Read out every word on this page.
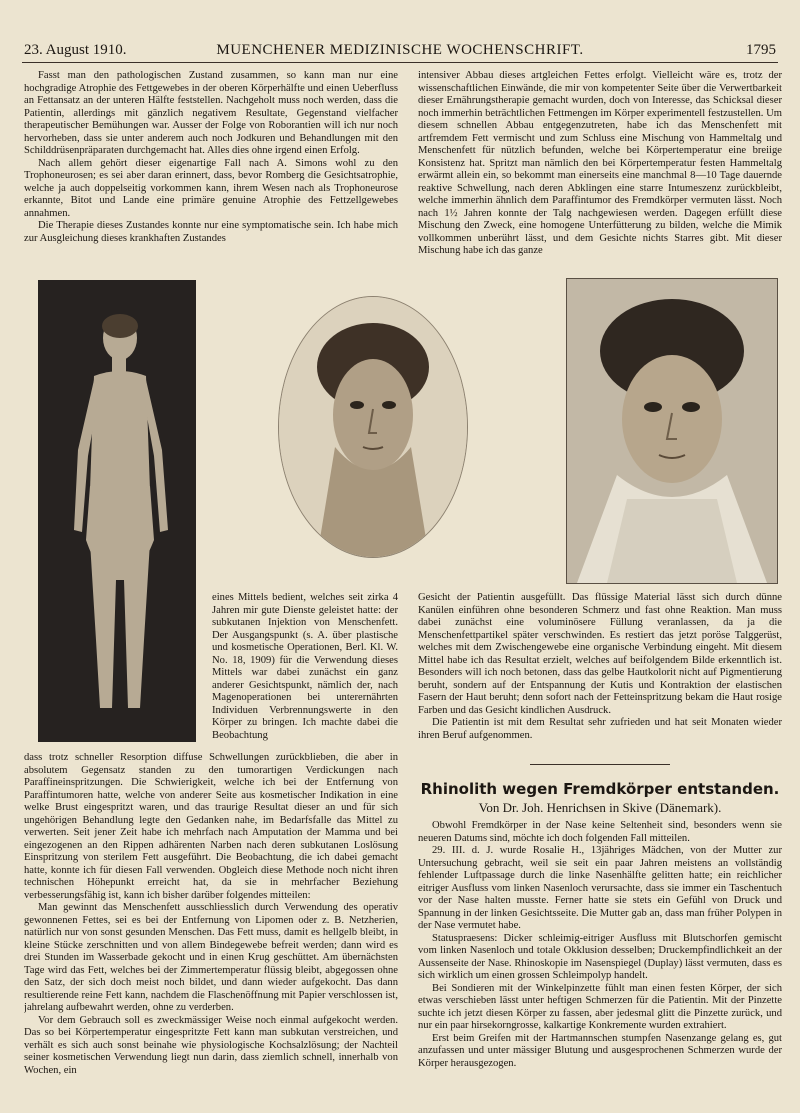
23. August 1910.	MUENCHENER MEDIZINISCHE WOCHENSCHRIFT.	1795

Fasst man den pathologischen Zustand zusammen, so kann man nur eine hochgradige Atrophie des Fettgewebes in der oberen Körperhälfte und einen Ueberfluss an Fettansatz an der unteren Hälfte feststellen. Nachgeholt muss noch werden, dass die Patientin, allerdings mit gänzlich negativem Resultate, Gegenstand vielfacher therapeutischer Bemühungen war. Ausser der Folge von Roborantien will ich nur noch hervorheben, dass sie unter anderem auch noch Jodkuren und Behandlungen mit den Schilddrüsenpräparaten durchgemacht hat. Alles dies ohne irgend einen Erfolg.

Nach allem gehört dieser eigenartige Fall nach A. Simons wohl zu den Trophoneurosen; es sei aber daran erinnert, dass, bevor Romberg die Gesichtsatrophie, welche ja auch doppelseitig vorkommen kann, ihrem Wesen nach als Trophoneurose erkannte, Bitot und Lande eine primäre genuine Atrophie des Fettzellgewebes annahmen.

Die Therapie dieses Zustandes konnte nur eine symptomatische sein. Ich habe mich zur Ausgleichung dieses krankhaften Zustandes

intensiver Abbau dieses artgleichen Fettes erfolgt. Vielleicht wäre es, trotz der wissenschaftlichen Einwände, die mir von kompetenter Seite über die Verwertbarkeit dieser Ernährungstherapie gemacht wurden, doch von Interesse, das Schicksal dieser noch immerhin beträchtlichen Fettmengen im Körper experimentell festzustellen. Um diesem schnellen Abbau entgegenzutreten, habe ich das Menschenfett mit artfremdem Fett vermischt und zum Schluss eine Mischung von Hammeltalg und Menschenfett für nützlich befunden, welche bei Körpertemperatur eine breiige Konsistenz hat. Spritzt man nämlich den bei Körpertemperatur festen Hammeltalg erwärmt allein ein, so bekommt man einerseits eine manchmal 8—10 Tage dauernde reaktive Schwellung, nach deren Abklingen eine starre Intumeszenz zurückbleibt, welche immerhin ähnlich dem Paraffintumor des Fremdkörper vermuten lässt. Noch nach 1½ Jahren konnte der Talg nachgewiesen werden. Dagegen erfüllt diese Mischung den Zweck, eine homogene Unterfütterung zu bilden, welche die Mimik vollkommen unberührt lässt, und dem Gesichte nichts Starres gibt. Mit dieser Mischung habe ich das ganze

eines Mittels bedient, welches seit zirka 4 Jahren mir gute Dienste geleistet hatte: der subkutanen Injektion von Menschenfett. Der Ausgangspunkt (s. A. über plastische und kosmetische Operationen, Berl. Kl. W. No. 18, 1909) für die Verwendung dieses Mittels war dabei zunächst ein ganz anderer Gesichtspunkt, nämlich der, nach Magenoperationen bei unterernährten Individuen Verbrennungswerte in den Körper zu bringen. Ich machte dabei die Beobachtung

dass trotz schneller Resorption diffuse Schwellungen zurückblieben, die aber in absolutem Gegensatz standen zu den tumorartigen Verdickungen nach Paraffineinspritzungen. Die Schwierigkeit, welche ich bei der Entfernung von Paraffintumoren hatte, welche von anderer Seite aus kosmetischer Indikation in eine welke Brust eingespritzt waren, und das traurige Resultat dieser an und für sich ungehörigen Behandlung legte den Gedanken nahe, im Bedarfsfalle das Mittel zu verwerten. Seit jener Zeit habe ich mehrfach nach Amputation der Mamma und bei eingezogenen an den Rippen adhärenten Narben nach deren subkutanen Loslösung Einspritzung von sterilem Fett ausgeführt. Die Beobachtung, die ich dabei gemacht hatte, konnte ich für diesen Fall verwenden. Obgleich diese Methode noch nicht ihren technischen Höhepunkt erreicht hat, da sie in mehrfacher Beziehung verbesserungsfähig ist, kann ich bisher darüber folgendes mitteilen:

Man gewinnt das Menschenfett ausschliesslich durch Verwendung des operativ gewonnenen Fettes, sei es bei der Entfernung von Lipomen oder z. B. Netzherien, natürlich nur von sonst gesunden Menschen. Das Fett muss, damit es hellgelb bleibt, in kleine Stücke zerschnitten und von allem Bindegewebe befreit werden; dann wird es drei Stunden im Wasserbade gekocht und in einen Krug geschüttet. Am übernächsten Tage wird das Fett, welches bei der Zimmertemperatur flüssig bleibt, abgegossen ohne den Satz, der sich doch meist noch bildet, und dann wieder aufgekocht. Das dann resultierende reine Fett kann, nachdem die Flaschenöffnung mit Papier verschlossen ist, jahrelang aufbewahrt werden, ohne zu verderben.

Vor dem Gebrauch soll es zweckmässiger Weise noch einmal aufgekocht werden. Das so bei Körpertemperatur eingespritzte Fett kann man subkutan verstreichen, und verhält es sich auch sonst beinahe wie physiologische Kochsalzlösung; der Nachteil seiner kosmetischen Verwendung liegt nun darin, dass ziemlich schnell, innerhalb von Wochen, ein

Gesicht der Patientin ausgefüllt. Das flüssige Material lässt sich durch dünne Kanülen einführen ohne besonderen Schmerz und fast ohne Reaktion. Man muss dabei zunächst eine voluminösere Füllung veranlassen, da ja die Menschenfettpartikel später verschwinden. Es restiert das jetzt poröse Talggerüst, welches mit dem Zwischengewebe eine organische Verbindung eingeht. Mit diesem Mittel habe ich das Resultat erzielt, welches auf beifolgendem Bilde erkenntlich ist. Besonders will ich noch betonen, dass das gelbe Hautkolorit nicht auf Pigmentierung beruht, sondern auf der Entspannung der Kutis und Kontraktion der elastischen Fasern der Haut beruht; denn sofort nach der Fetteinspritzung bekam die Haut rosige Farben und das Gesicht kindlichen Ausdruck.

Die Patientin ist mit dem Resultat sehr zufrieden und hat seit Monaten wieder ihren Beruf aufgenommen.

Rhinolith wegen Fremdkörper entstanden.
Von Dr. Joh. Henrichsen in Skive (Dänemark).

Obwohl Fremdkörper in der Nase keine Seltenheit sind, besonders wenn sie neueren Datums sind, möchte ich doch folgenden Fall mitteilen.

29. III. d. J. wurde Rosalie H., 13jähriges Mädchen, von der Mutter zur Untersuchung gebracht, weil sie seit ein paar Jahren meistens an vollständig fehlender Luftpassage durch die linke Nasenhälfte gelitten hatte; ein reichlicher eitriger Ausfluss vom linken Nasenloch verursachte, dass sie immer ein Taschentuch vor der Nase halten musste. Ferner hatte sie stets ein Gefühl von Druck und Spannung in der linken Gesichtsseite. Die Mutter gab an, dass man früher Polypen in der Nase vermutet habe.

Statuspraesens: Dicker schleimig-eitriger Ausfluss mit Blutschorfen gemischt vom linken Nasenloch und totale Okklusion desselben; Druckempfindlichkeit an der Aussenseite der Nase. Rhinoskopie im Nasenspiegel (Duplay) lässt vermuten, dass es sich wirklich um einen grossen Schleimpolyp handelt.

Bei Sondieren mit der Winkelpinzette fühlt man einen festen Körper, der sich etwas verschieben lässt unter heftigen Schmerzen für die Patientin. Mit der Pinzette suchte ich jetzt diesen Körper zu fassen, aber jedesmal glitt die Pinzette zurück, und nur ein paar hirsekorngrosse, kalkartige Konkremente wurden extrahiert.

Erst beim Greifen mit der Hartmannschen stumpfen Nasenzange gelang es, gut anzufassen und unter mässiger Blutung und ausgesprochenen Schmerzen wurde der Körper herausgezogen.
